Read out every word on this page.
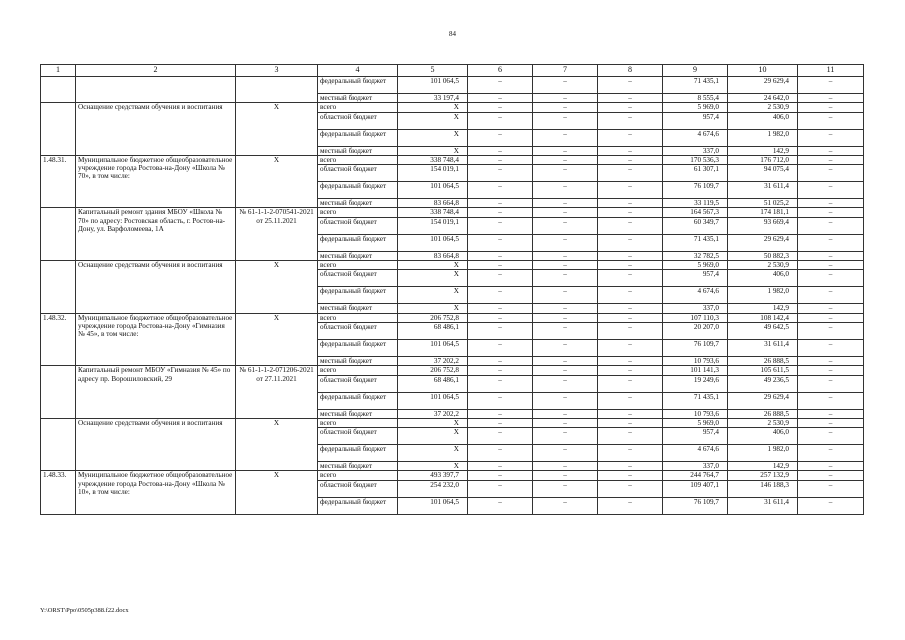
84
1	2	3	4	5	6	7	8	9	10	11
			федеральный бюджет	101 064,5	–	–	–	71 435,1	29 629,4	–
			местный бюджет	33 197,4	–	–	–	8 555,4	24 642,0	–
	Оснащение средствами обучения и воспитания	Х	всего	Х	–	–	–	5 969,0	2 530,9	–
			областной бюджет	Х	–	–	–	957,4	406,0	–
			федеральный бюджет	Х	–	–	–	4 674,6	1 982,0	–
			местный бюджет	Х	–	–	–	337,0	142,9	–
1.48.31.	Муниципальное бюджетное общеобразовательное учреждение города Ростова-на-Дону «Школа № 70», в том числе:	Х	всего	338 748,4	–	–	–	170 536,3	176 712,0	–
			областной бюджет	154 019,1	–	–	–	61 307,1	94 075,4	–
			федеральный бюджет	101 064,5	–	–	–	76 109,7	31 611,4	–
			местный бюджет	83 664,8	–	–	–	33 119,5	51 025,2	–
	Капитальный ремонт здания МБОУ «Школа № 70» по адресу: Ростовская область, г. Ростов-на-Дону, ул. Варфоломеева, 1А	№ 61-1-1-2-070541-2021 от 25.11.2021	всего	338 748,4	–	–	–	164 567,3	174 181,1	–
			областной бюджет	154 019,1	–	–	–	60 349,7	93 669,4	–
			федеральный бюджет	101 064,5	–	–	–	71 435,1	29 629,4	–
			местный бюджет	83 664,8	–	–	–	32 782,5	50 882,3	–
	Оснащение средствами обучения и воспитания	Х	всего	Х	–	–	–	5 969,0	2 530,9	–
			областной бюджет	Х	–	–	–	957,4	406,0	–
			федеральный бюджет	Х	–	–	–	4 674,6	1 982,0	–
			местный бюджет	Х	–	–	–	337,0	142,9	–
1.48.32.	Муниципальное бюджетное общеобразовательное учреждение города Ростова-на-Дону «Гимназия № 45», в том числе:	Х	всего	206 752,8	–	–	–	107 110,3	108 142,4	–
			областной бюджет	68 486,1	–	–	–	20 207,0	49 642,5	–
			федеральный бюджет	101 064,5	–	–	–	76 109,7	31 611,4	–
			местный бюджет	37 202,2	–	–	–	10 793,6	26 888,5	–
	Капитальный ремонт МБОУ «Гимназия № 45» по адресу пр. Ворошиловский, 29	№ 61-1-1-2-071206-2021 от 27.11.2021	всего	206 752,8	–	–	–	101 141,3	105 611,5	–
			областной бюджет	68 486,1	–	–	–	19 249,6	49 236,5	–
			федеральный бюджет	101 064,5	–	–	–	71 435,1	29 629,4	–
			местный бюджет	37 202,2	–	–	–	10 793,6	26 888,5	–
	Оснащение средствами обучения и воспитания	Х	всего	Х	–	–	–	5 969,0	2 530,9	–
			областной бюджет	Х	–	–	–	957,4	406,0	–
			федеральный бюджет	Х	–	–	–	4 674,6	1 982,0	–
			местный бюджет	Х	–	–	–	337,0	142,9	–
1.48.33.	Муниципальное бюджетное общеобразовательное учреждение города Ростова-на-Дону «Школа № 10», в том числе:	Х	всего	493 397,7	–	–	–	244 764,7	257 132,9	–
			областной бюджет	254 232,0	–	–	–	109 407,1	146 188,3	–
			федеральный бюджет	101 064,5	–	–	–	76 109,7	31 611,4	–
Y:\ORST\Ppo\0505p388.f22.docx
